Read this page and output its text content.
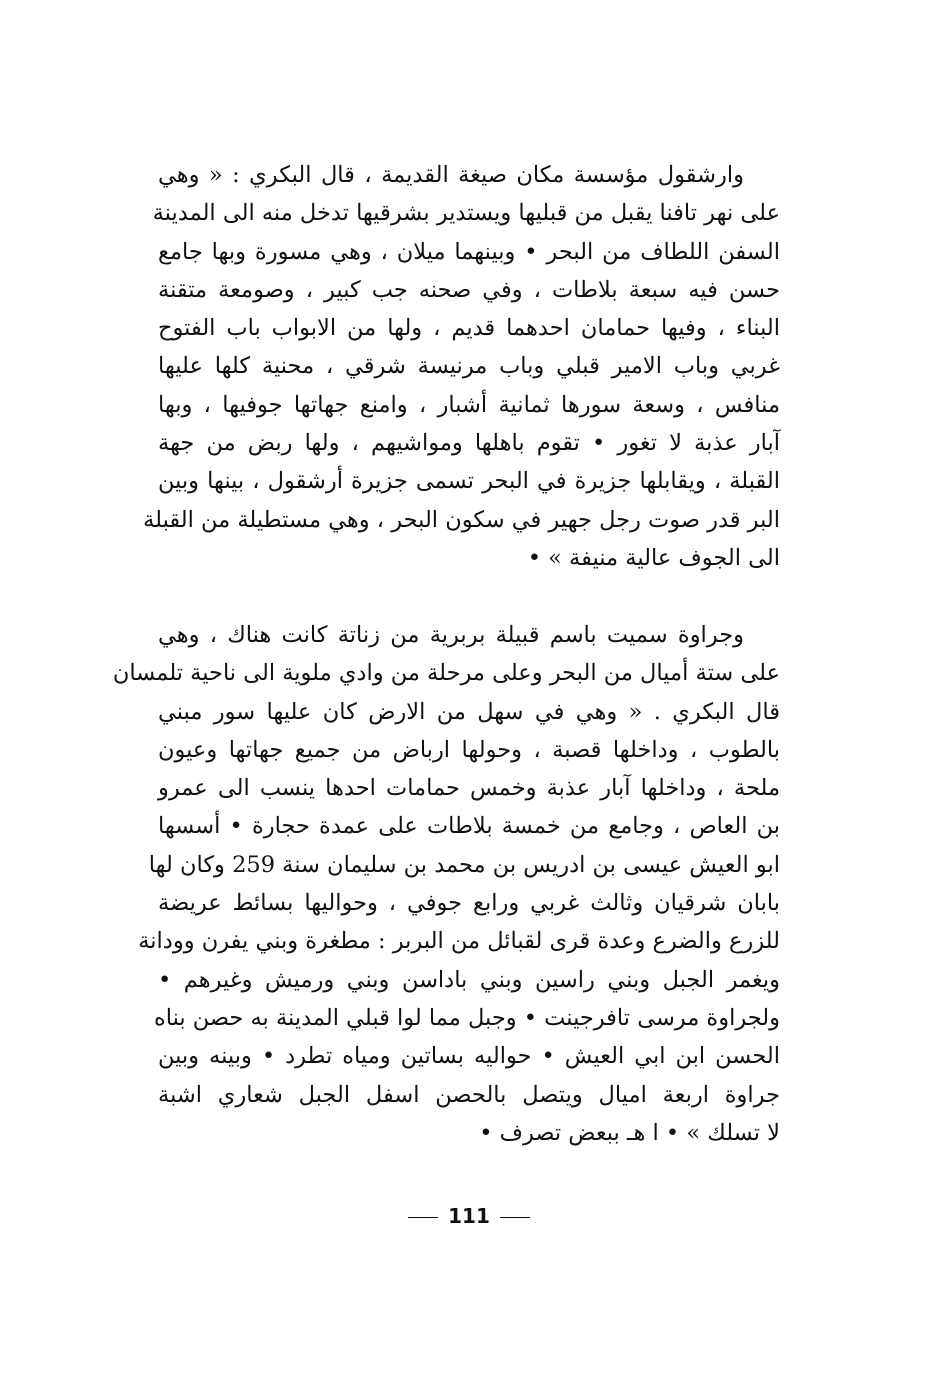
وارشقول مؤسسة مكان صيغة القديمة ، قال البكري : « وهي
على نهر تافنا يقبل من قبليها ويستدير بشرقيها تدخل منه الى المدينة
السفن اللطاف من البحر • وبينهما ميلان ، وهي مسورة وبها جامع
حسن فيه سبعة بلاطات ، وفي صحنه جب كبير ، وصومعة متقنة
البناء ، وفيها حمامان احدهما قديم ، ولها من الابواب باب الفتوح
غربي وباب الامير قبلي وباب مرنيسة شرقي ، محنية كلها عليها
منافس ، وسعة سورها ثمانية أشبار ، وامنع جهاتها جوفيها ، وبها
آبار عذبة لا تغور • تقوم باهلها ومواشيهم ، ولها ربض من جهة
القبلة ، ويقابلها جزيرة في البحر تسمى جزيرة أرشقول ، بينها وبين
البر قدر صوت رجل جهير في سكون البحر ، وهي مستطيلة من القبلة
الى الجوف عالية منيفة » •
وجراوة سميت باسم قبيلة بربرية من زناتة كانت هناك ، وهي
على ستة أميال من البحر وعلى مرحلة من وادي ملوية الى ناحية تلمسان
قال البكري . « وهي في سهل من الارض كان عليها سور مبني
بالطوب ، وداخلها قصبة ، وحولها ارباض من جميع جهاتها وعيون
ملحة ، وداخلها آبار عذبة وخمس حمامات احدها ينسب الى عمرو
بن العاص ، وجامع من خمسة بلاطات على عمدة حجارة • أسسها
ابو العيش عيسى بن ادريس بن محمد بن سليمان سنة 259 وكان لها
بابان شرقيان وثالث غربي ورابع جوفي ، وحواليها بسائط عريضة
للزرع والضرع وعدة قرى لقبائل من البربر : مطغرة وبني يفرن وودانة
ويغمر الجبل وبني راسين وبني باداسن وبني ورميش وغيرهم •
ولجراوة مرسى تافرجينت • وجبل مما لوا قبلي المدينة به حصن بناه
الحسن ابن ابي العيش • حواليه بساتين ومياه تطرد • وبينه وبين
جراوة اربعة اميال ويتصل بالحصن اسفل الجبل شعاري اشبة
لا تسلك » • ا هـ ببعض تصرف •
111
